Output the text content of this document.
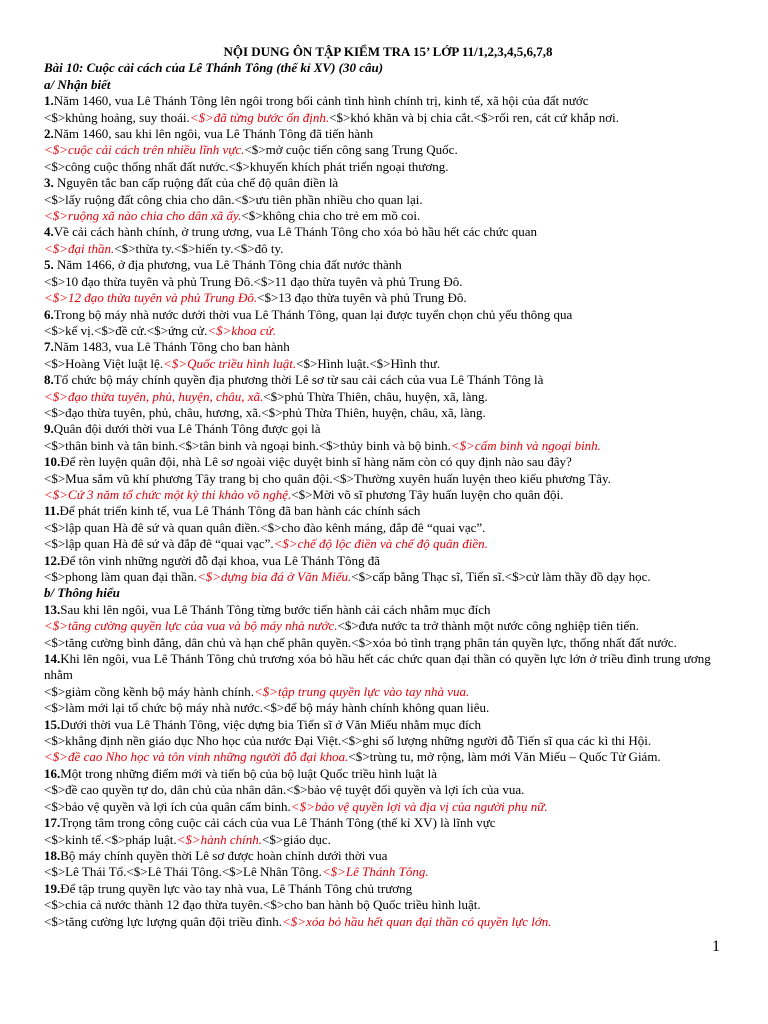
NỘI DUNG ÔN TẬP KIỂM TRA 15’ LỚP 11/1,2,3,4,5,6,7,8
Bài 10: Cuộc cải cách của Lê Thánh Tông (thế kỉ XV) (30 câu)
a/ Nhận biết
1.Năm 1460, vua Lê Thánh Tông lên ngôi trong bối cảnh tình hình chính trị, kinh tế, xã hội của đất nước
<$>khủng hoảng, suy thoái.<$>đã từng bước ổn định.<$>khó khăn và bị chia cắt.<$>rối ren, cát cứ khắp nơi.
2.Năm 1460, sau khi lên ngôi, vua Lê Thánh Tông đã tiến hành
<$>cuộc cải cách trên nhiều lĩnh vực.<$>mở cuộc tiến công sang Trung Quốc.
<$>công cuộc thống nhất đất nước.<$>khuyến khích phát triển ngoại thương.
3. Nguyên tắc ban cấp ruộng đất của chế độ quân điền là
<$>lấy ruộng đất công chia cho dân.<$>ưu tiên phần nhiều cho quan lại.
<$>ruộng xã nào chia cho dân xã ấy.<$>không chia cho trẻ em mồ coi.
4.Về cải cách hành chính, ở trung ương, vua Lê Thánh Tông cho xóa bỏ hầu hết các chức quan
<$>đại thần.<$>thừa ty.<$>hiến ty.<$>đô ty.
5. Năm 1466, ở địa phương, vua Lê Thánh Tông chia đất nước thành
<$>10 đạo thừa tuyên và phủ Trung Đô.<$>11 đạo thừa tuyên và phủ Trung Đô.
<$>12 đạo thừa tuyên và phủ Trung Đô.<$>13 đạo thừa tuyên và phủ Trung Đô.
6.Trong bộ máy nhà nước dưới thời vua Lê Thánh Tông, quan lại được tuyển chọn chủ yếu thông qua
<$>kế vị.<$>đề cử.<$>ứng cử.<$>khoa cử.
7.Năm 1483, vua Lê Thánh Tông cho ban hành
<$>Hoàng Việt luật lệ.<$>Quốc triều hình luật.<$>Hình luật.<$>Hình thư.
8.Tổ chức bộ máy chính quyền địa phương thời Lê sơ từ sau cải cách của vua Lê Thánh Tông là
<$>đạo thừa tuyên, phủ, huyện, châu, xã.<$>phủ Thừa Thiên, châu, huyện, xã, làng.
<$>đạo thừa tuyên, phủ, châu, hương, xã.<$>phủ Thừa Thiên, huyện, châu, xã, làng.
9.Quân đội dưới thời vua Lê Thánh Tông được gọi là
<$>thân binh và tân binh.<$>tân binh và ngoại binh.<$>thủy binh và bộ binh.<$>cấm binh và ngoại binh.
10.Để rèn luyện quân đội, nhà Lê sơ ngoài việc duyệt binh sĩ hàng năm còn có quy định nào sau đây?
<$>Mua sắm vũ khí phương Tây trang bị cho quân đội.<$>Thường xuyên huấn luyện theo kiểu phương Tây.
<$>Cứ 3 năm tổ chức một kỳ thi khảo võ nghệ.<$>Mời võ sĩ phương Tây huấn luyện cho quân đội.
11.Để phát triển kinh tế, vua Lê Thánh Tông đã ban hành các chính sách
<$>lập quan Hà đê sứ và quan quân điền.<$>cho đào kênh máng, đắp đê “quai vạc”.
<$>lập quan Hà đê sứ và đắp đê “quai vạc”.<$>chế độ lộc điền và chế độ quân điền.
12.Để tôn vinh những người đỗ đại khoa, vua Lê Thánh Tông đã
<$>phong làm quan đại thần.<$>dựng bia đá ở Văn Miếu.<$>cấp bằng Thạc sĩ, Tiến sĩ.<$>cử làm thầy đồ dạy học.
b/ Thông hiểu
13.Sau khi lên ngôi, vua Lê Thánh Tông từng bước tiến hành cải cách nhằm mục đích
<$>tăng cường quyền lực của vua và bộ máy nhà nước.<$>đưa nước ta trở thành một nước công nghiệp tiên tiến.
<$>tăng cường bình đẳng, dân chủ và hạn chế phân quyền.<$>xóa bỏ tình trạng phân tán quyền lực, thống nhất đất nước.
14.Khi lên ngôi, vua Lê Thánh Tông chủ trương xóa bỏ hầu hết các chức quan đại thần có quyền lực lớn ở triều đình trung ương nhằm
<$>giảm cồng kềnh bộ máy hành chính.<$>tập trung quyền lực vào tay nhà vua.
<$>làm mới lại tổ chức bộ máy nhà nước.<$>để bộ máy hành chính không quan liêu.
15.Dưới thời vua Lê Thánh Tông, việc dựng bia Tiến sĩ ở Văn Miếu nhằm mục đích
<$>khẳng định nền giáo dục Nho học của nước Đại Việt.<$>ghi số lượng những người đỗ Tiến sĩ qua các kì thi Hội.
<$>đề cao Nho học và tôn vinh những người đỗ đại khoa.<$>trùng tu, mở rộng, làm mới Văn Miếu – Quốc Tử Giám.
16.Một trong những điểm mới và tiến bộ của bộ luật Quốc triều hình luật là
<$>đề cao quyền tự do, dân chủ của nhân dân.<$>bảo vệ tuyệt đối quyền và lợi ích của vua.
<$>bảo vệ quyền và lợi ích của quân cấm binh.<$>bảo vệ quyền lợi và địa vị của người phụ nữ.
17.Trọng tâm trong công cuộc cải cách của vua Lê Thánh Tông (thế kỉ XV) là lĩnh vực
<$>kinh tế.<$>pháp luật.<$>hành chính.<$>giáo dục.
18.Bộ máy chính quyền thời Lê sơ được hoàn chỉnh dưới thời vua
<$>Lê Thái Tổ.<$>Lê Thái Tông.<$>Lê Nhân Tông.<$>Lê Thánh Tông.
19.Để tập trung quyền lực vào tay nhà vua, Lê Thánh Tông chủ trương
<$>chia cả nước thành 12 đạo thừa tuyên.<$>cho ban hành bộ Quốc triều hình luật.
<$>tăng cường lực lượng quân đội triều đình.<$>xóa bỏ hầu hết quan đại thần có quyền lực lớn.
1
